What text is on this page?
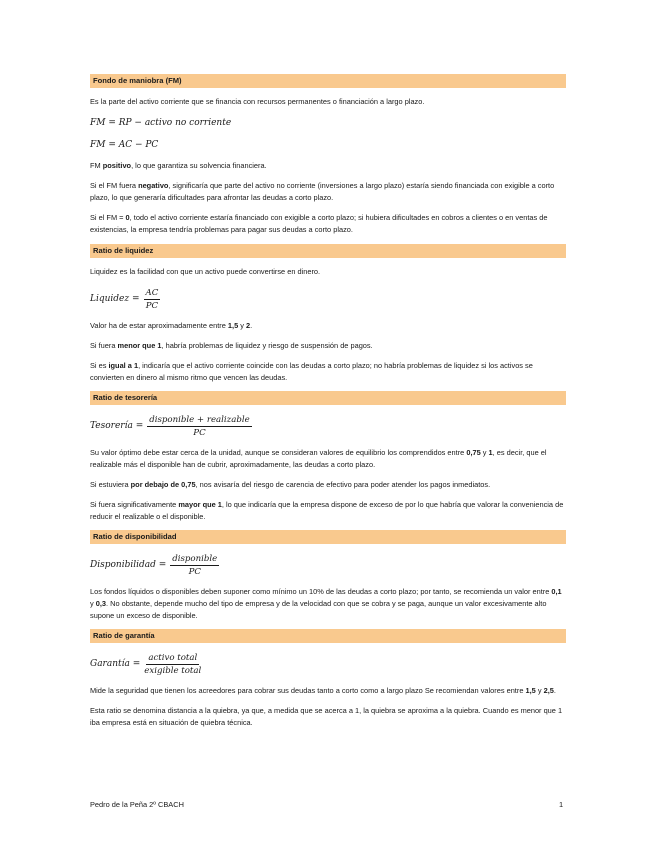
Fondo de maniobra (FM)

Es la parte del activo corriente que se financia con recursos permanentes o financiación a largo plazo.

FM = RP − activo no corriente
FM = AC − PC

FM positivo, lo que garantiza su solvencia financiera.

Si el FM fuera negativo, significaría que parte del activo no corriente (inversiones a largo plazo) estaría siendo financiada con exigible a corto plazo, lo que generaría dificultades para afrontar las deudas a corto plazo.

Si el FM = 0, todo el activo corriente estaría financiado con exigible a corto plazo; si hubiera dificultades en cobros a clientes o en ventas de existencias, la empresa tendría problemas para pagar sus deudas a corto plazo.

Ratio de liquidez

Liquidez es la facilidad con que un activo puede convertirse en dinero.

Liquidez = $\frac{AC}{PC}$

Valor ha de estar aproximadamente entre 1,5 y 2.

Si fuera menor que 1, habría problemas de liquidez y riesgo de suspensión de pagos.

Si es igual a 1, indicaría que el activo corriente coincide con las deudas a corto plazo; no habría problemas de liquidez si los activos se convierten en dinero al mismo ritmo que vencen las deudas.

Ratio de tesorería
Tesorería = $\frac{\text{disponible + realizable}}{PC}$

Su valor óptimo debe estar cerca de la unidad, aunque se consideran valores de equilibrio los comprendidos entre 0,75 y 1, es decir, que el realizable más el disponible han de cubrir, aproximadamente, las deudas a corto plazo.

Si estuviera por debajo de 0,75, nos avisaría del riesgo de carencia de efectivo para poder atender los pagos inmediatos.

Si fuera significativamente mayor que 1, lo que indicaría que la empresa dispone de exceso de por lo que habría que valorar la conveniencia de reducir el realizable o el disponible.

Ratio de disponibilidad
Disponibilidad = $\frac{\text{disponible}}{PC}$

Los fondos líquidos o disponibles deben suponer como mínimo un 10% de las deudas a corto plazo; por tanto, se recomienda un valor entre 0,1 y 0,3. No obstante, depende mucho del tipo de empresa y de la velocidad con que se cobra y se paga, aunque un valor excesivamente alto supone un exceso de disponible.

Ratio de garantía
Garantía = $\frac{\text{activo total}}{\text{exigible total}}$

Mide la seguridad que tienen los acreedores para cobrar sus deudas tanto a corto como a largo plazo Se recomiendan valores entre 1,5 y 2,5.

Esta ratio se denomina distancia a la quiebra, ya que, a medida que se acerca a 1, la quiebra se aproxima a la quiebra. Cuando es menor que 1 iba empresa está en situación de quiebra técnica.

Pedro de la Peña 2º CBACH	1
